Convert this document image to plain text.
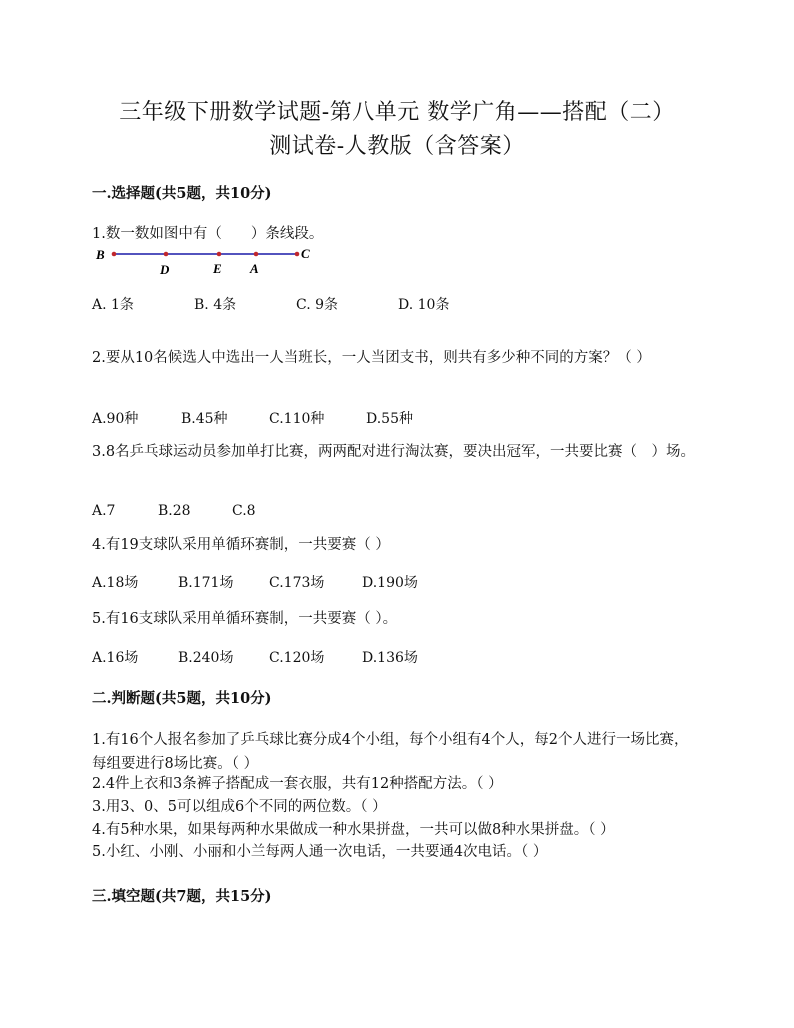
三年级下册数学试题-第八单元 数学广角——搭配（二）
测试卷-人教版（含答案）
一.选择题(共5题，共10分)
1.数一数如图中有（　　）条线段。
B
D	E A
C
A. 1条	B. 4条	C. 9条	D. 10条
2.要从10名候选人中选出一人当班长，一人当团支书，则共有多少种不同的方案？（ ）
A.90种	B.45种	C.110种	D.55种
3.8名乒乓球运动员参加单打比赛，两两配对进行淘汰赛，要决出冠军，一共要比赛（　）场。
A.7	B.28	C.8
4.有19支球队采用单循环赛制，一共要赛（ ）
A.18场	B.171场	C.173场	D.190场
5.有16支球队采用单循环赛制，一共要赛（ ）。
A.16场	B.240场	C.120场	D.136场
二.判断题(共5题，共10分)
1.有16个人报名参加了乒乓球比赛分成4个小组，每个小组有4个人，每2个人进行一场比赛，每组要进行8场比赛。（ ）
2.4件上衣和3条裤子搭配成一套衣服，共有12种搭配方法。（ ）
3.用3、0、5可以组成6个不同的两位数。（ ）
4.有5种水果，如果每两种水果做成一种水果拼盘，一共可以做8种水果拼盘。（ ）
5.小红、小刚、小丽和小兰每两人通一次电话，一共要通4次电话。（ ）
三.填空题(共7题，共15分)
